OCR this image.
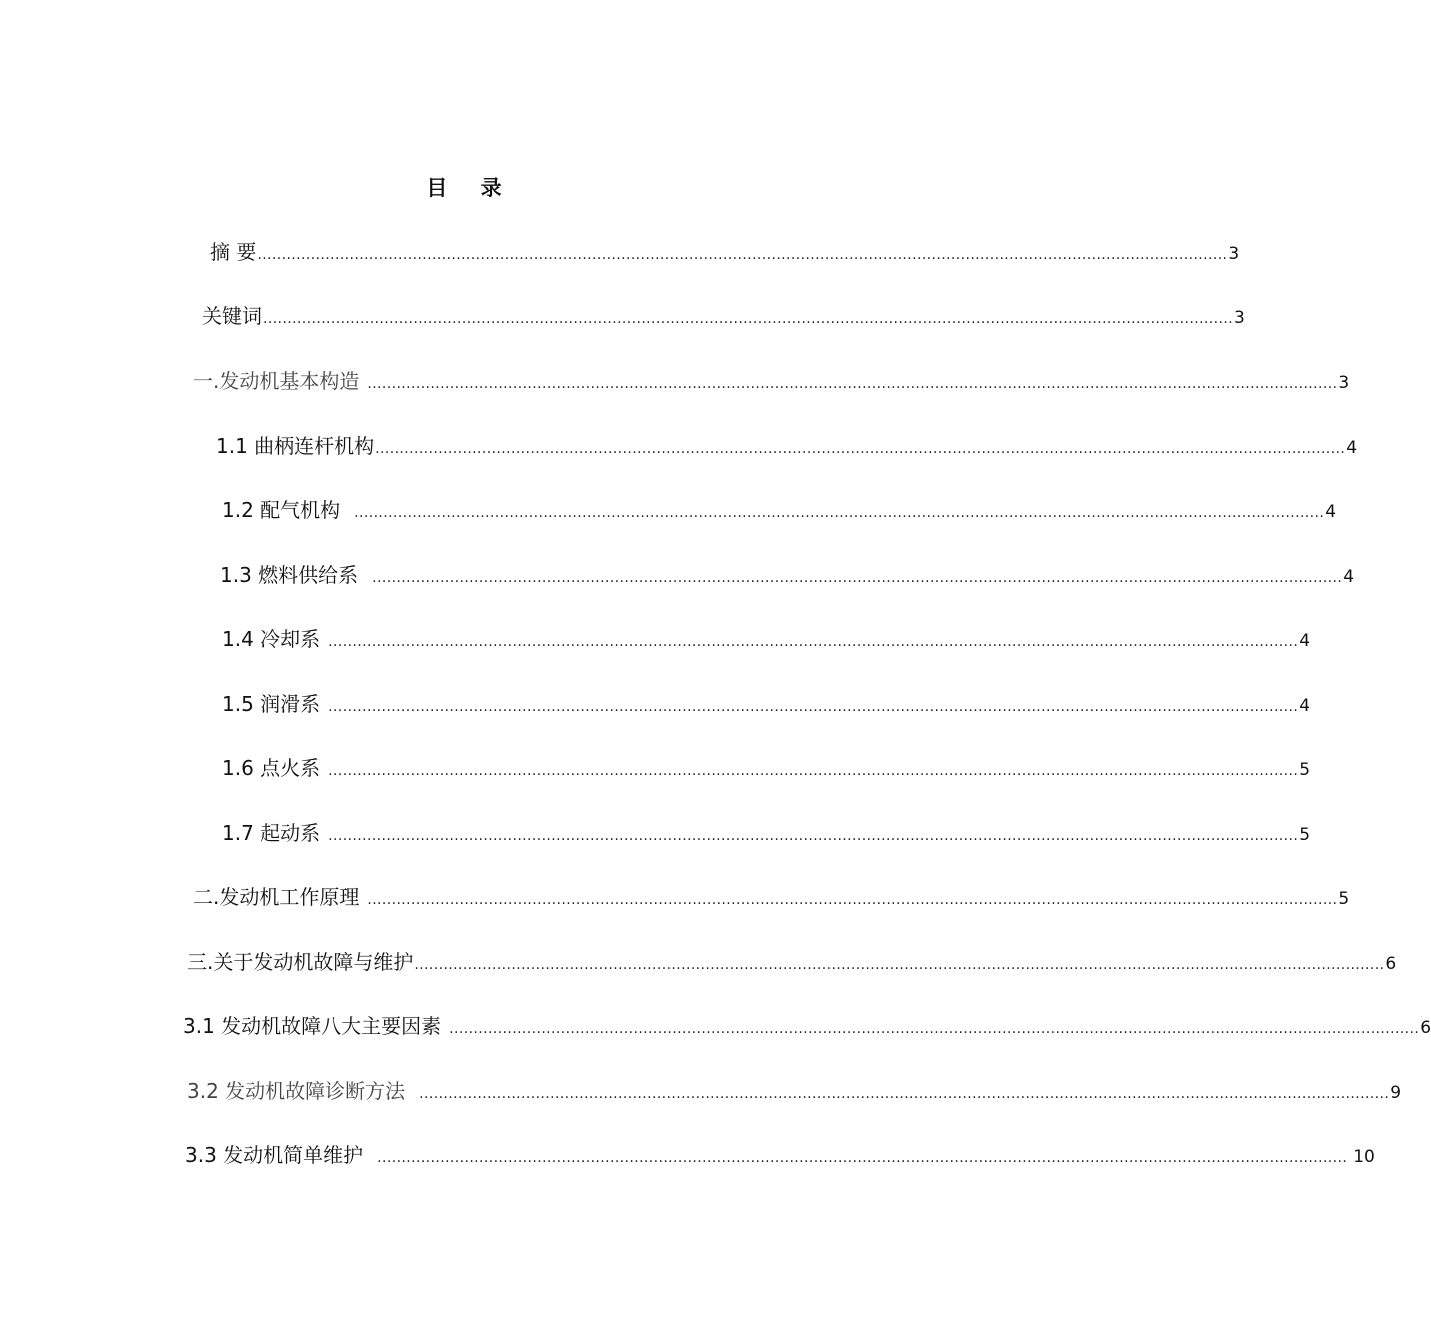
目 录
摘 要 ........................................................................................................................................................................................................ 3
关键词 ........................................................................................................................................................................................................ 3
一.发动机基本构造 ........................................................................................................................................................................................................ 3
1.1 曲柄连杆机构 ........................................................................................................................................................................................................ 4
1.2 配气机构 ........................................................................................................................................................................................................ 4
1.3 燃料供给系 ........................................................................................................................................................................................................ 4
1.4 冷却系 ........................................................................................................................................................................................................ 4
1.5 润滑系 ........................................................................................................................................................................................................ 4
1.6 点火系 ........................................................................................................................................................................................................ 5
1.7 起动系 ........................................................................................................................................................................................................ 5
二.发动机工作原理 ........................................................................................................................................................................................................ 5
三.关于发动机故障与维护 ........................................................................................................................................................................................................ 6
3.1 发动机故障八大主要因素 ........................................................................................................................................................................................................ 6
3.2 发动机故障诊断方法 ........................................................................................................................................................................................................ 9
3.3 发动机简单维护 ........................................................................................................................................................................................................ 10
